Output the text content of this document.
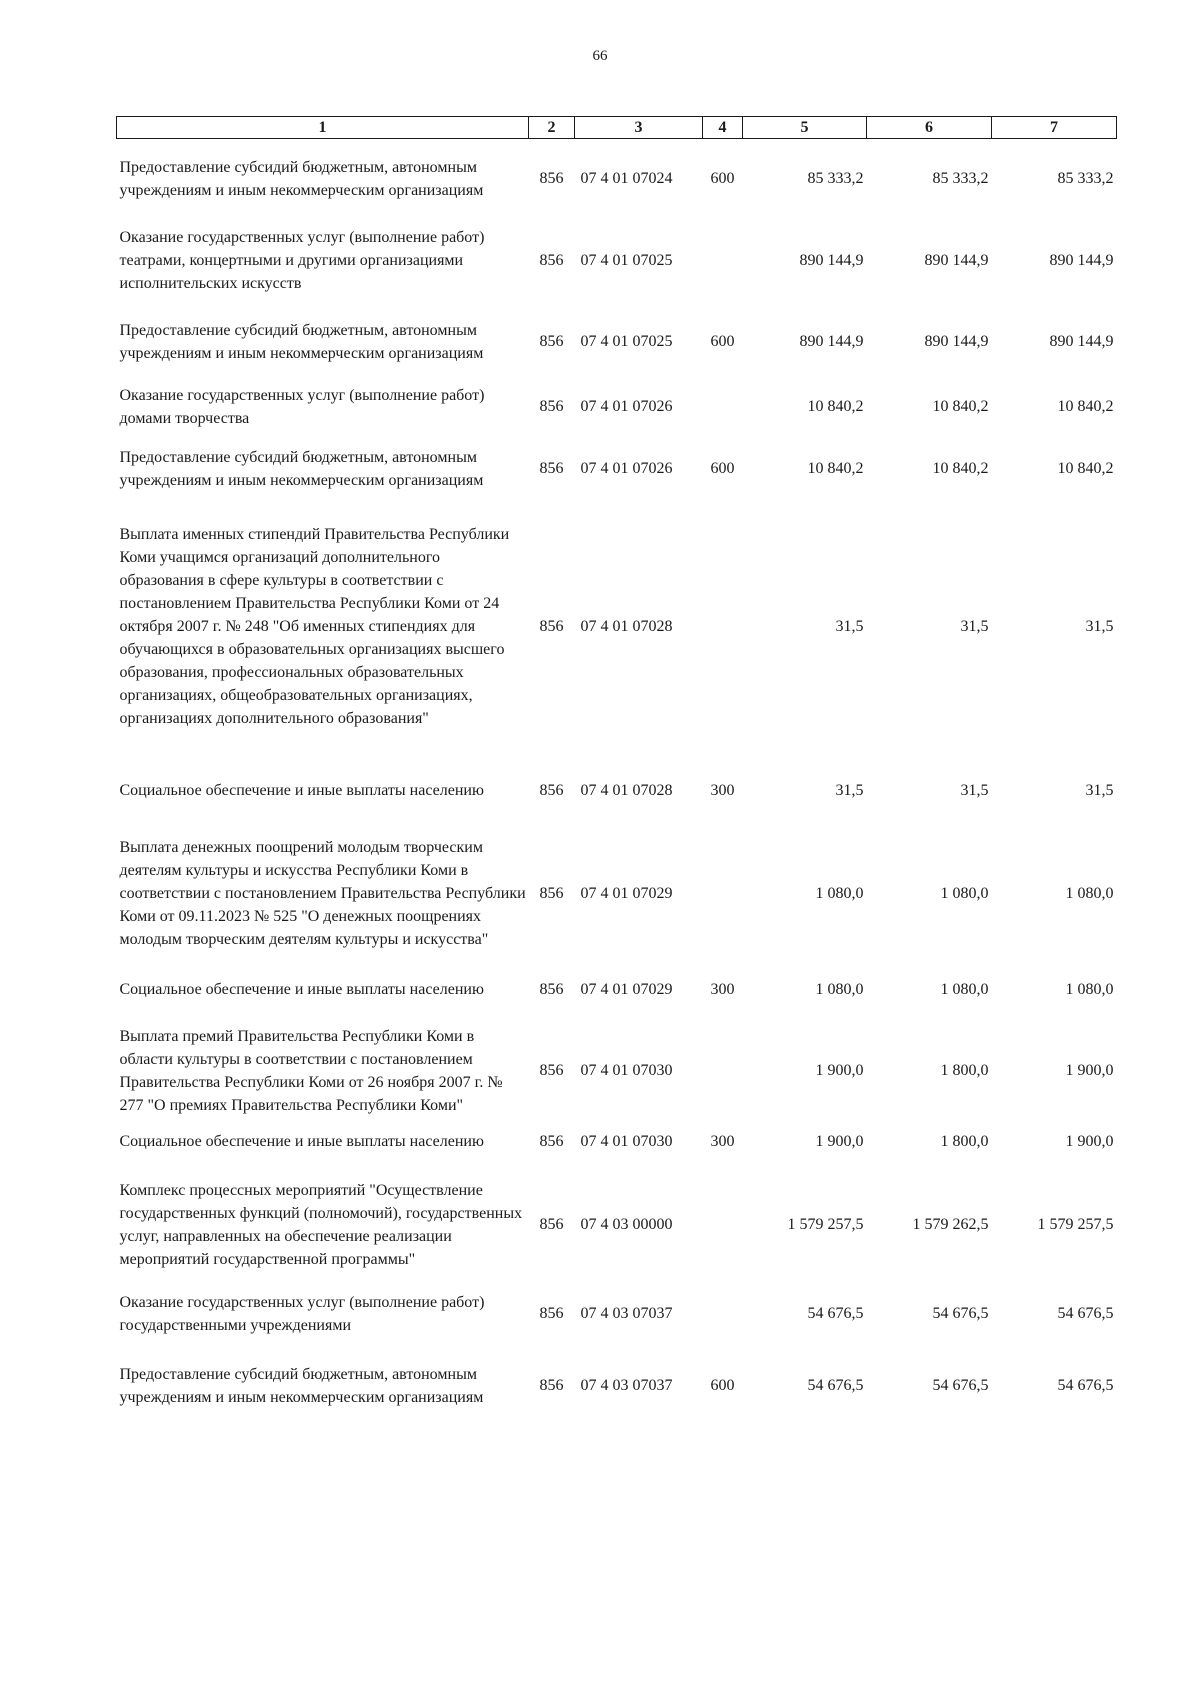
66
1	2	3	4	5	6	7
Предоставление субсидий бюджетным, автономным учреждениям и иным некоммерческим организациям	856	07 4 01 07024	600	85 333,2	85 333,2	85 333,2
Оказание государственных услуг (выполнение работ) театрами, концертными и другими организациями исполнительских искусств	856	07 4 01 07025		890 144,9	890 144,9	890 144,9
Предоставление субсидий бюджетным, автономным учреждениям и иным некоммерческим организациям	856	07 4 01 07025	600	890 144,9	890 144,9	890 144,9
Оказание государственных услуг (выполнение работ) домами творчества	856	07 4 01 07026		10 840,2	10 840,2	10 840,2
Предоставление субсидий бюджетным, автономным учреждениям и иным некоммерческим организациям	856	07 4 01 07026	600	10 840,2	10 840,2	10 840,2
Выплата именных стипендий Правительства Республики Коми учащимся организаций дополнительного образования в сфере культуры в соответствии с постановлением Правительства Республики Коми от 24 октября 2007 г. № 248 "Об именных стипендиях для обучающихся в образовательных организациях высшего образования, профессиональных образовательных организациях, общеобразовательных организациях, организациях дополнительного образования"	856	07 4 01 07028		31,5	31,5	31,5
Социальное обеспечение и иные выплаты населению	856	07 4 01 07028	300	31,5	31,5	31,5
Выплата денежных поощрений молодым творческим деятелям культуры и искусства Республики Коми в соответствии с постановлением Правительства Республики Коми от 09.11.2023 № 525 "О денежных поощрениях молодым творческим деятелям культуры и искусства"	856	07 4 01 07029		1 080,0	1 080,0	1 080,0
Социальное обеспечение и иные выплаты населению	856	07 4 01 07029	300	1 080,0	1 080,0	1 080,0
Выплата премий Правительства Республики Коми в области культуры в соответствии с постановлением Правительства Республики Коми от 26 ноября 2007 г. № 277 "О премиях Правительства Республики Коми"	856	07 4 01 07030		1 900,0	1 800,0	1 900,0
Социальное обеспечение и иные выплаты населению	856	07 4 01 07030	300	1 900,0	1 800,0	1 900,0
Комплекс процессных мероприятий "Осуществление государственных функций (полномочий), государственных услуг, направленных на обеспечение реализации мероприятий государственной программы"	856	07 4 03 00000		1 579 257,5	1 579 262,5	1 579 257,5
Оказание государственных услуг (выполнение работ) государственными учреждениями	856	07 4 03 07037		54 676,5	54 676,5	54 676,5
Предоставление субсидий бюджетным, автономным учреждениям и иным некоммерческим организациям	856	07 4 03 07037	600	54 676,5	54 676,5	54 676,5
